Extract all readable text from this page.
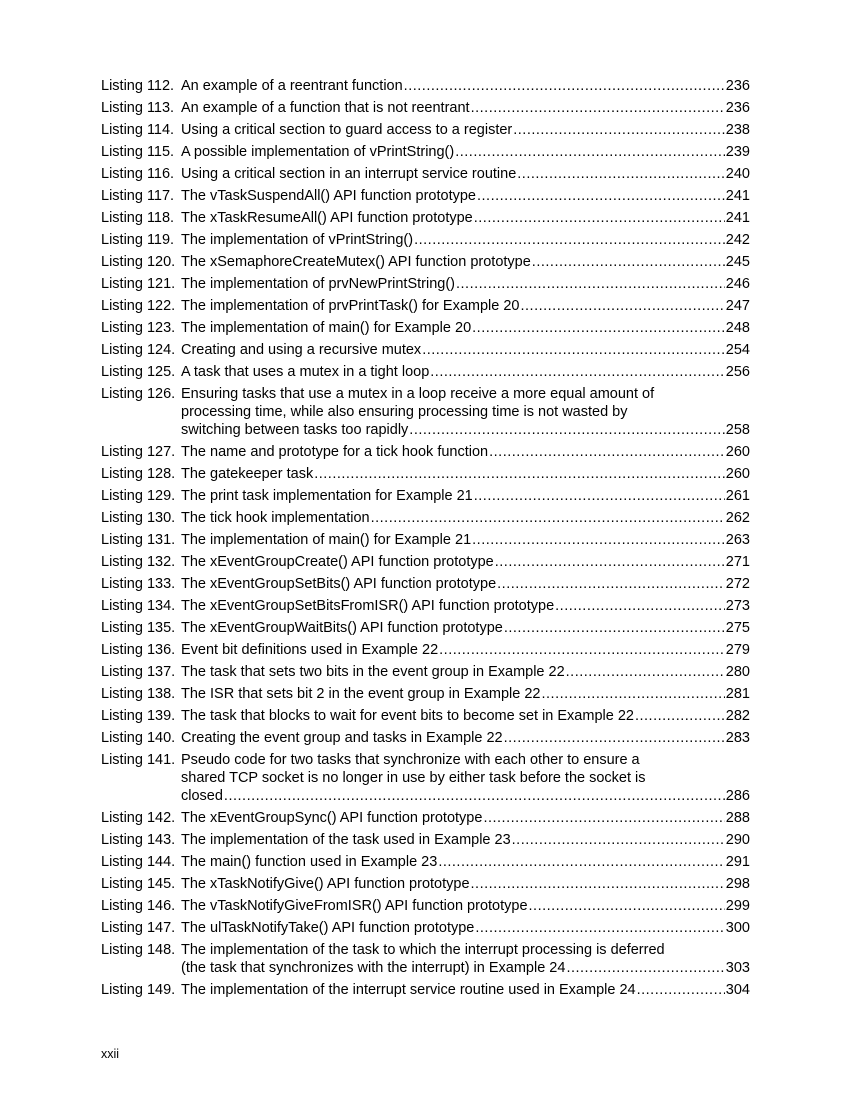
Listing 112. An example of a reentrant function .....	236
Listing 113. An example of a function that is not reentrant .....	236
Listing 114. Using a critical section to guard access to a register .....	238
Listing 115. A possible implementation of vPrintString() .....	239
Listing 116. Using a critical section in an interrupt service routine .....	240
Listing 117. The vTaskSuspendAll() API function prototype .....	241
Listing 118. The xTaskResumeAll() API function prototype .....	241
Listing 119. The implementation of vPrintString() .....	242
Listing 120. The xSemaphoreCreateMutex() API function prototype .....	245
Listing 121. The implementation of prvNewPrintString() .....	246
Listing 122. The implementation of prvPrintTask() for Example 20 .....	247
Listing 123. The implementation of main() for Example 20 .....	248
Listing 124. Creating and using a recursive mutex .....	254
Listing 125. A task that uses a mutex in a tight loop .....	256
Listing 126. Ensuring tasks that use a mutex in a loop receive a more equal amount of
processing time, while also ensuring processing time is not wasted by
switching between tasks too rapidly .....	258
Listing 127. The name and prototype for a tick hook function .....	260
Listing 128. The gatekeeper task .....	260
Listing 129. The print task implementation for Example 21 .....	261
Listing 130. The tick hook implementation .....	262
Listing 131. The implementation of main() for Example 21 .....	263
Listing 132. The xEventGroupCreate() API function prototype .....	271
Listing 133. The xEventGroupSetBits() API function prototype .....	272
Listing 134. The xEventGroupSetBitsFromISR() API function prototype .....	273
Listing 135. The xEventGroupWaitBits() API function prototype .....	275
Listing 136. Event bit definitions used in Example 22 .....	279
Listing 137. The task that sets two bits in the event group in Example 22 .....	280
Listing 138. The ISR that sets bit 2 in the event group in Example 22 .....	281
Listing 139. The task that blocks to wait for event bits to become set in Example 22 .....	282
Listing 140. Creating the event group and tasks in Example 22 .....	283
Listing 141. Pseudo code for two tasks that synchronize with each other to ensure a
shared TCP socket is no longer in use by either task before the socket is
closed .....	286
Listing 142. The xEventGroupSync() API function prototype .....	288
Listing 143. The implementation of the task used in Example 23 .....	290
Listing 144. The main() function used in Example 23 .....	291
Listing 145. The xTaskNotifyGive() API function prototype .....	298
Listing 146. The vTaskNotifyGiveFromISR() API function prototype .....	299
Listing 147. The ulTaskNotifyTake() API function prototype .....	300
Listing 148. The implementation of the task to which the interrupt processing is deferred
(the task that synchronizes with the interrupt) in Example 24 .....	303
Listing 149. The implementation of the interrupt service routine used in Example 24 .....	304
xxii
